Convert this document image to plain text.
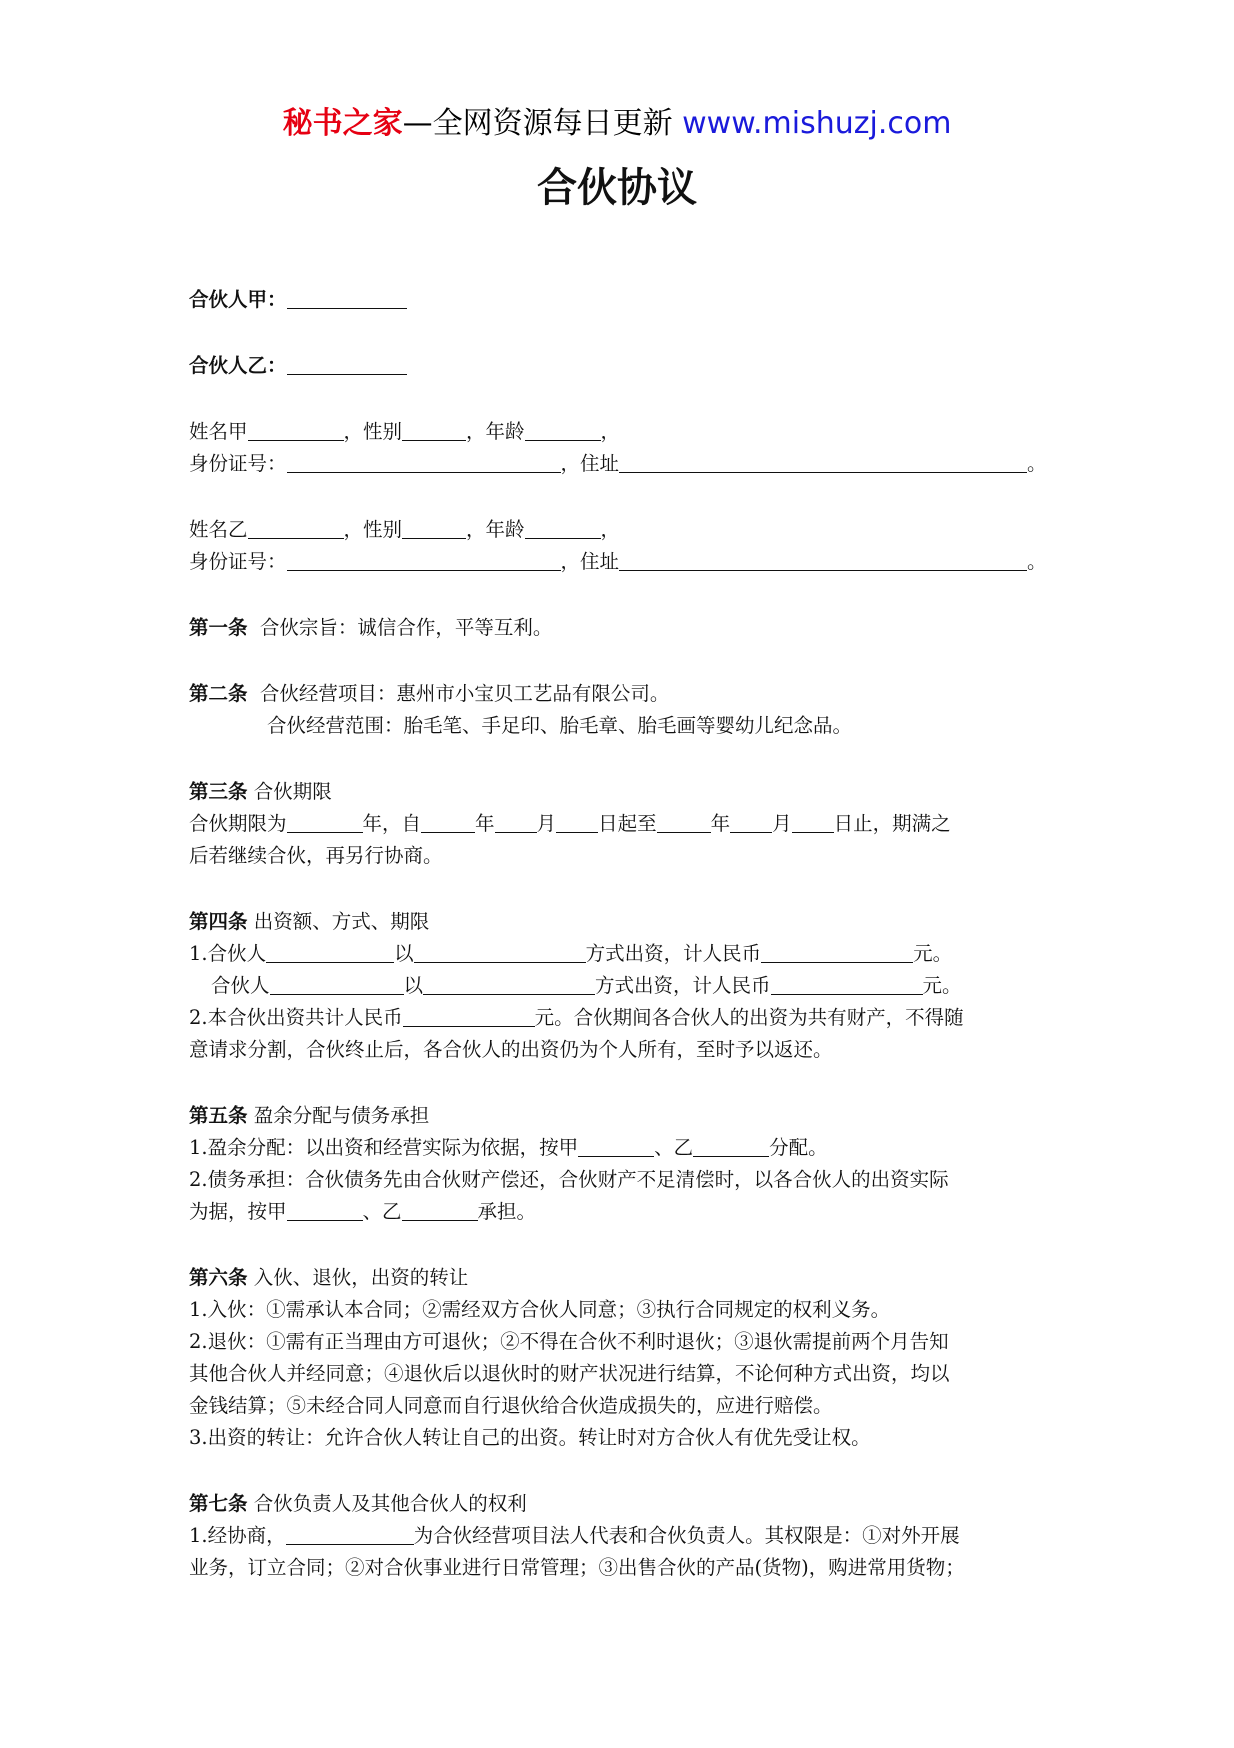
秘书之家—全网资源每日更新 www.mishuzj.com
合伙协议
合伙人甲：
合伙人乙：
姓名甲	，性别	，年龄	，
身份证号：	，住址	。
姓名乙	，性别	，年龄	，
身份证号：	，住址	。
第一条 合伙宗旨：诚信合作，平等互利。
第二条 合伙经营项目：惠州市小宝贝工艺品有限公司。
合伙经营范围：胎毛笔、手足印、胎毛章、胎毛画等婴幼儿纪念品。
第三条 合伙期限
合伙期限为	年，自	年 月 日起至	年 月 日止，期满之
后若继续合伙，再另行协商。
第四条 出资额、方式、期限
1.合伙人	以	方式出资，计人民币	元。
合伙人	以	方式出资，计人民币	元。
2.本合伙出资共计人民币	元。合伙期间各合伙人的出资为共有财产，不得随
意请求分割，合伙终止后，各合伙人的出资仍为个人所有，至时予以返还。
第五条 盈余分配与债务承担
1.盈余分配：以出资和经营实际为依据，按甲	、乙	分配。
2.债务承担：合伙债务先由合伙财产偿还，合伙财产不足清偿时，以各合伙人的出资实际
为据，按甲	、乙	承担。
第六条 入伙、退伙，出资的转让
1.入伙：①需承认本合同；②需经双方合伙人同意；③执行合同规定的权利义务。
2.退伙：①需有正当理由方可退伙；②不得在合伙不利时退伙；③退伙需提前两个月告知
其他合伙人并经同意；④退伙后以退伙时的财产状况进行结算，不论何种方式出资，均以
金钱结算；⑤未经合同人同意而自行退伙给合伙造成损失的，应进行赔偿。
3.出资的转让：允许合伙人转让自己的出资。转让时对方合伙人有优先受让权。
第七条 合伙负责人及其他合伙人的权利
1.经协商，	为合伙经营项目法人代表和合伙负责人。其权限是：①对外开展
业务，订立合同；②对合伙事业进行日常管理；③出售合伙的产品(货物)，购进常用货物；
